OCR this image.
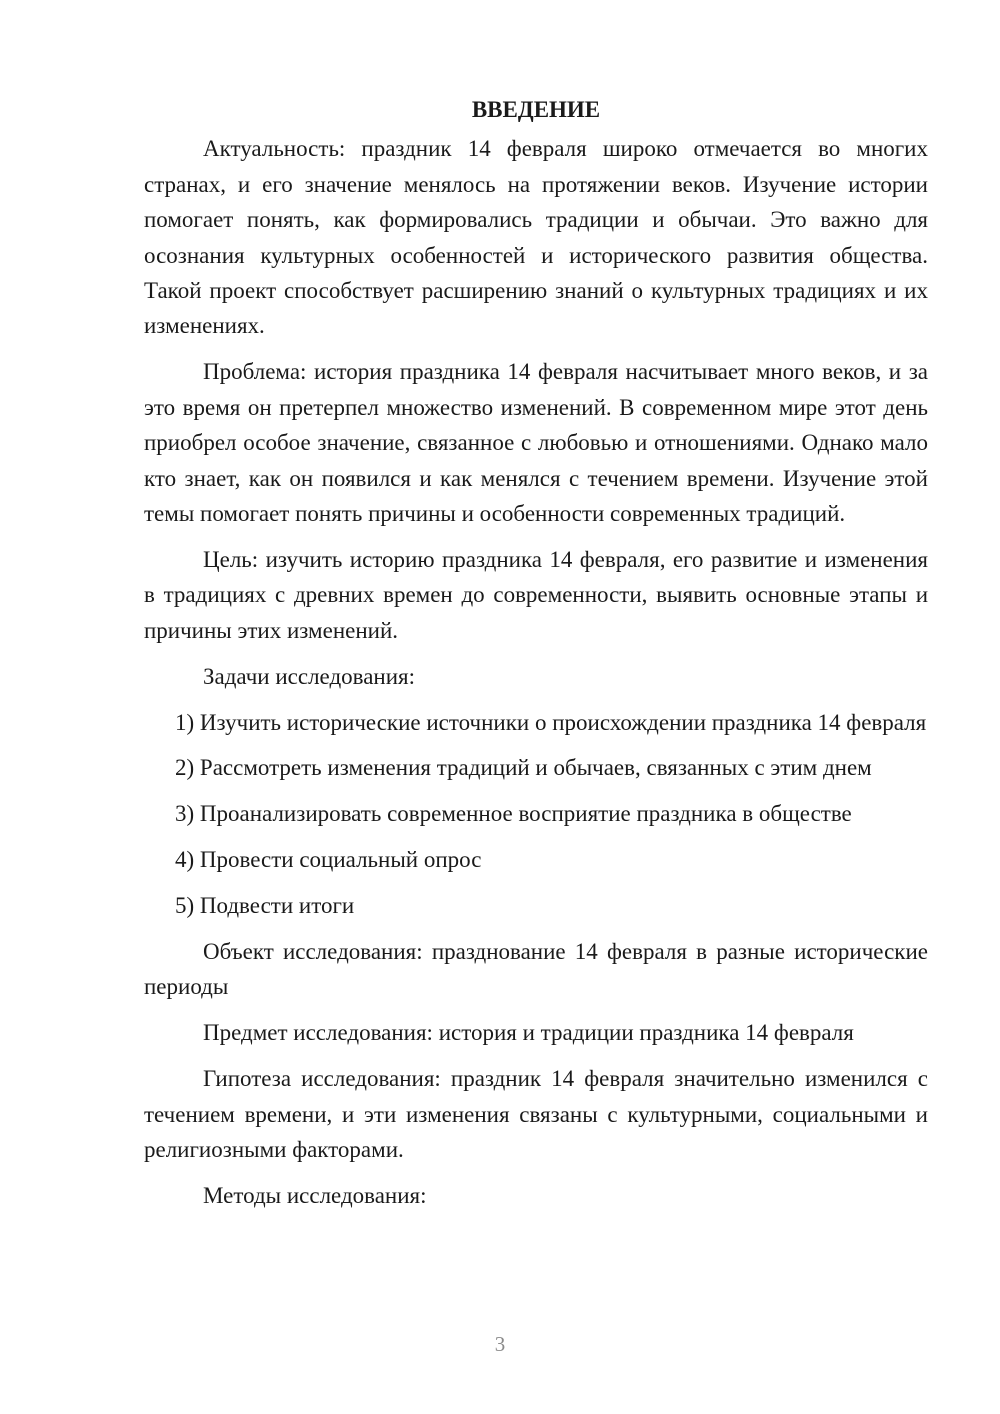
ВВЕДЕНИЕ

Актуальность: праздник 14 февраля широко отмечается во многих странах, и его значение менялось на протяжении веков. Изучение истории помогает понять, как формировались традиции и обычаи. Это важно для осознания культурных особенностей и исторического развития общества. Такой проект способствует расширению знаний о культурных традициях и их изменениях.

Проблема: история праздника 14 февраля насчитывает много веков, и за это время он претерпел множество изменений. В современном мире этот день приобрел особое значение, связанное с любовью и отношениями. Однако мало кто знает, как он появился и как менялся с течением времени. Изучение этой темы помогает понять причины и особенности современных традиций.

Цель: изучить историю праздника 14 февраля, его развитие и изменения в традициях с древних времен до современности, выявить основные этапы и причины этих изменений.

Задачи исследования:

1) Изучить исторические источники о происхождении праздника 14 февраля

2) Рассмотреть изменения традиций и обычаев, связанных с этим днем

3) Проанализировать современное восприятие праздника в обществе

4) Провести социальный опрос

5) Подвести итоги

Объект исследования: празднование 14 февраля в разные исторические периоды

Предмет исследования: история и традиции праздника 14 февраля

Гипотеза исследования: праздник 14 февраля значительно изменился с течением времени, и эти изменения связаны с культурными, социальными и религиозными факторами.

Методы исследования:

3
